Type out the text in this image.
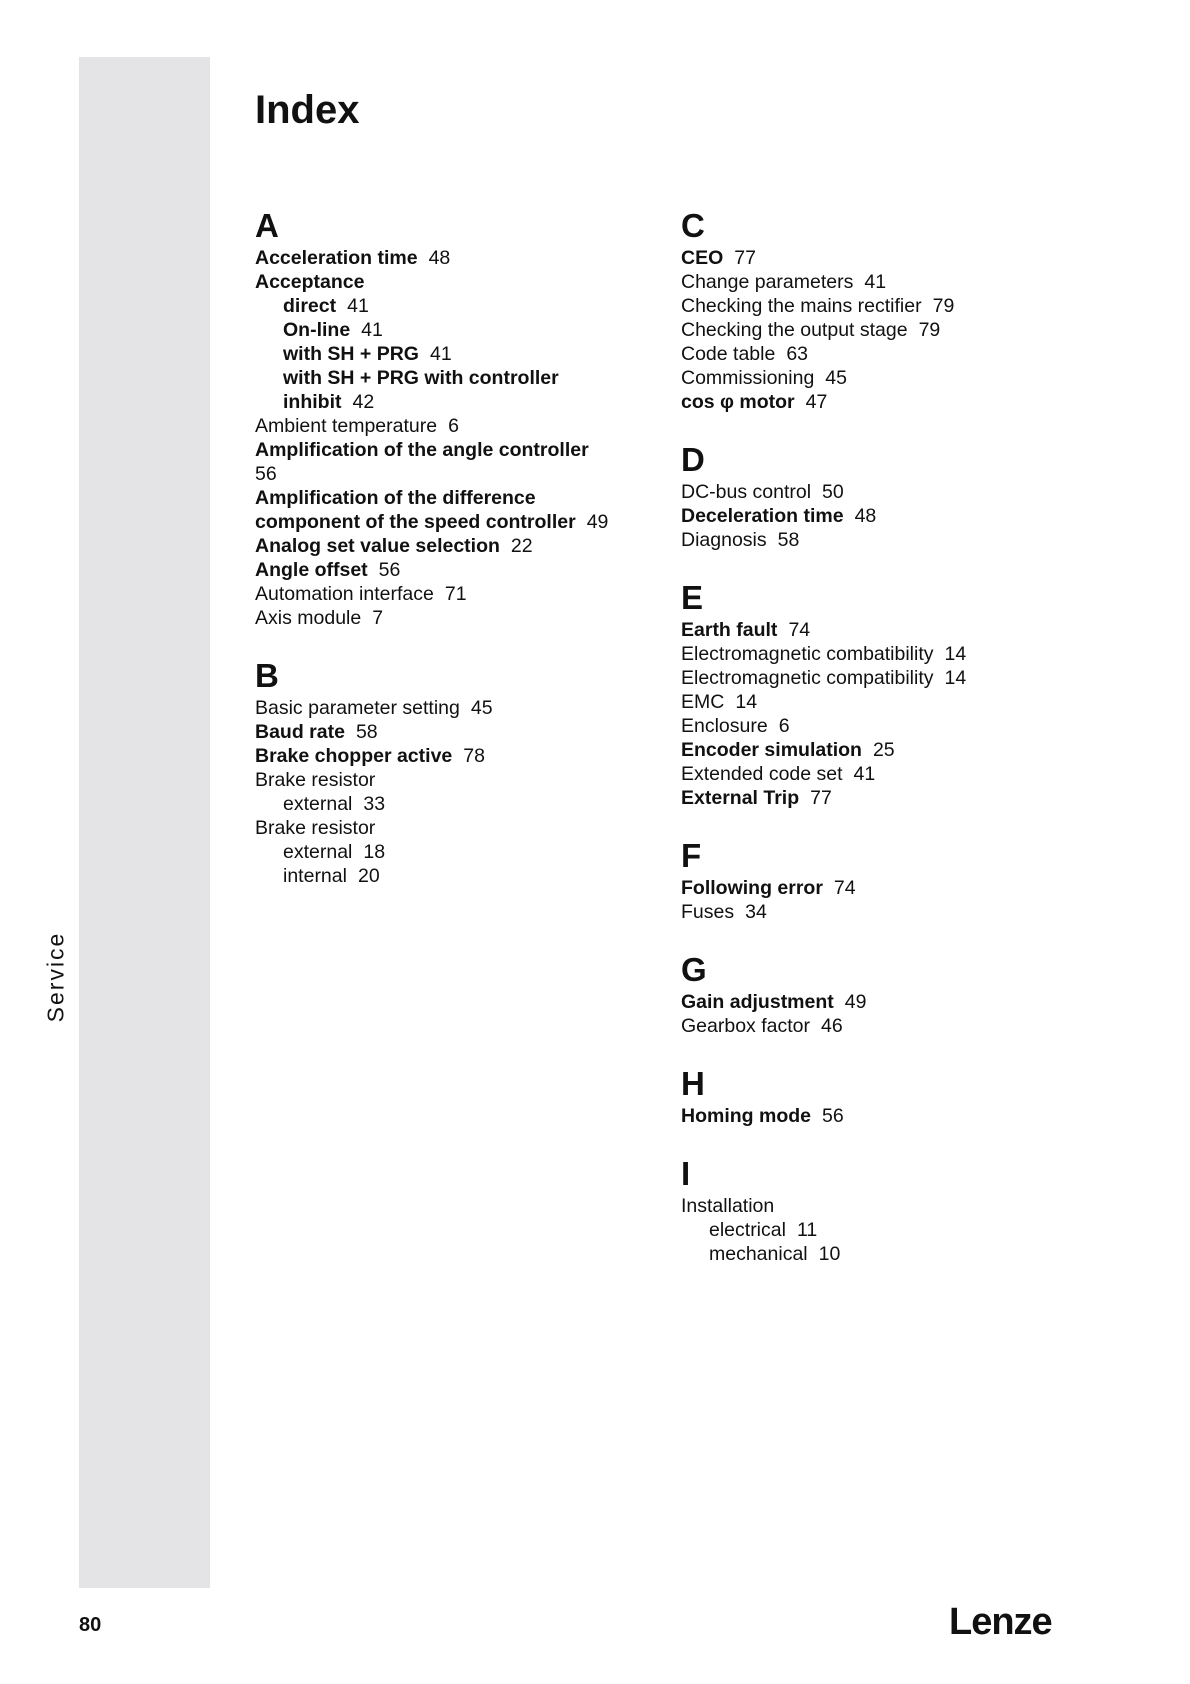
Service
Index
A
Acceleration time 48
Acceptance
direct 41
On-line 41
with SH + PRG 41
with SH + PRG with controller
inhibit 42
Ambient temperature 6
Amplification of the angle controller
56
Amplification of the difference
component of the speed controller 49
Analog set value selection 22
Angle offset 56
Automation interface 71
Axis module 7
B
Basic parameter setting 45
Baud rate 58
Brake chopper active 78
Brake resistor
external 33
Brake resistor
external 18
internal 20
C
CEO 77
Change parameters 41
Checking the mains rectifier 79
Checking the output stage 79
Code table 63
Commissioning 45
cos φ motor 47
D
DC-bus control 50
Deceleration time 48
Diagnosis 58
E
Earth fault 74
Electromagnetic combatibility 14
Electromagnetic compatibility 14
EMC 14
Enclosure 6
Encoder simulation 25
Extended code set 41
External Trip 77
F
Following error 74
Fuses 34
G
Gain adjustment 49
Gearbox factor 46
H
Homing mode 56
I
Installation
electrical 11
mechanical 10
80	Lenze
